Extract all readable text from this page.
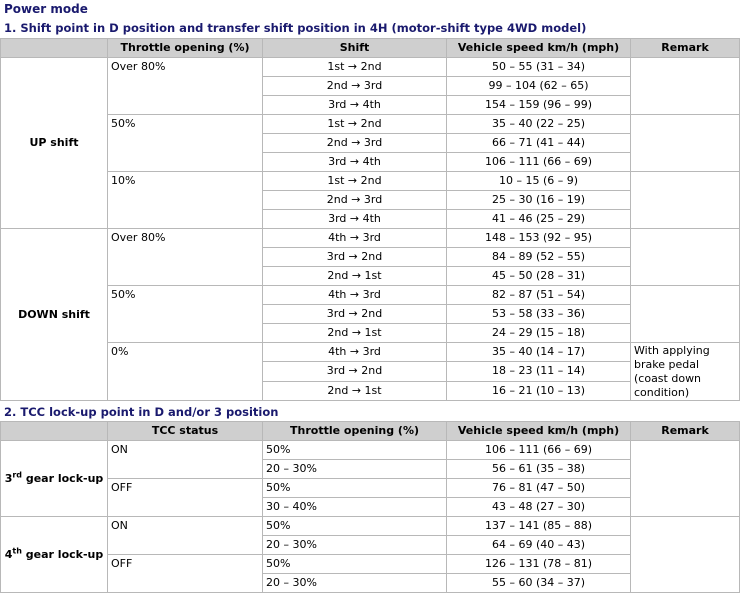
Power mode
1. Shift point in D position and transfer shift position in 4H (motor-shift type 4WD model)
	Throttle opening (%)	Shift	Vehicle speed km/h (mph)	Remark
UP shift	Over 80%	1st → 2nd	50 – 55 (31 – 34)	
		2nd → 3rd	99 – 104 (62 – 65)	
		3rd → 4th	154 – 159 (96 – 99)	
	50%	1st → 2nd	35 – 40 (22 – 25)	
		2nd → 3rd	66 – 71 (41 – 44)	
		3rd → 4th	106 – 111 (66 – 69)	
	10%	1st → 2nd	10 – 15 (6 – 9)	
		2nd → 3rd	25 – 30 (16 – 19)	
		3rd → 4th	41 – 46 (25 – 29)	
DOWN shift	Over 80%	4th → 3rd	148 – 153 (92 – 95)	
		3rd → 2nd	84 – 89 (52 – 55)	
		2nd → 1st	45 – 50 (28 – 31)	
	50%	4th → 3rd	82 – 87 (51 – 54)	
		3rd → 2nd	53 – 58 (33 – 36)	
		2nd → 1st	24 – 29 (15 – 18)	
	0%	4th → 3rd	35 – 40 (14 – 17)	With applying brake pedal (coast down condition)
		3rd → 2nd	18 – 23 (11 – 14)	
		2nd → 1st	16 – 21 (10 – 13)	
2. TCC lock-up point in D and/or 3 position
	TCC status	Throttle opening (%)	Vehicle speed km/h (mph)	Remark
3rd gear lock-up	ON	50%	106 – 111 (66 – 69)	
		20 – 30%	56 – 61 (35 – 38)	
	OFF	50%	76 – 81 (47 – 50)	
		30 – 40%	43 – 48 (27 – 30)	
4th gear lock-up	ON	50%	137 – 141 (85 – 88)	
		20 – 30%	64 – 69 (40 – 43)	
	OFF	50%	126 – 131 (78 – 81)	
		20 – 30%	55 – 60 (34 – 37)	
